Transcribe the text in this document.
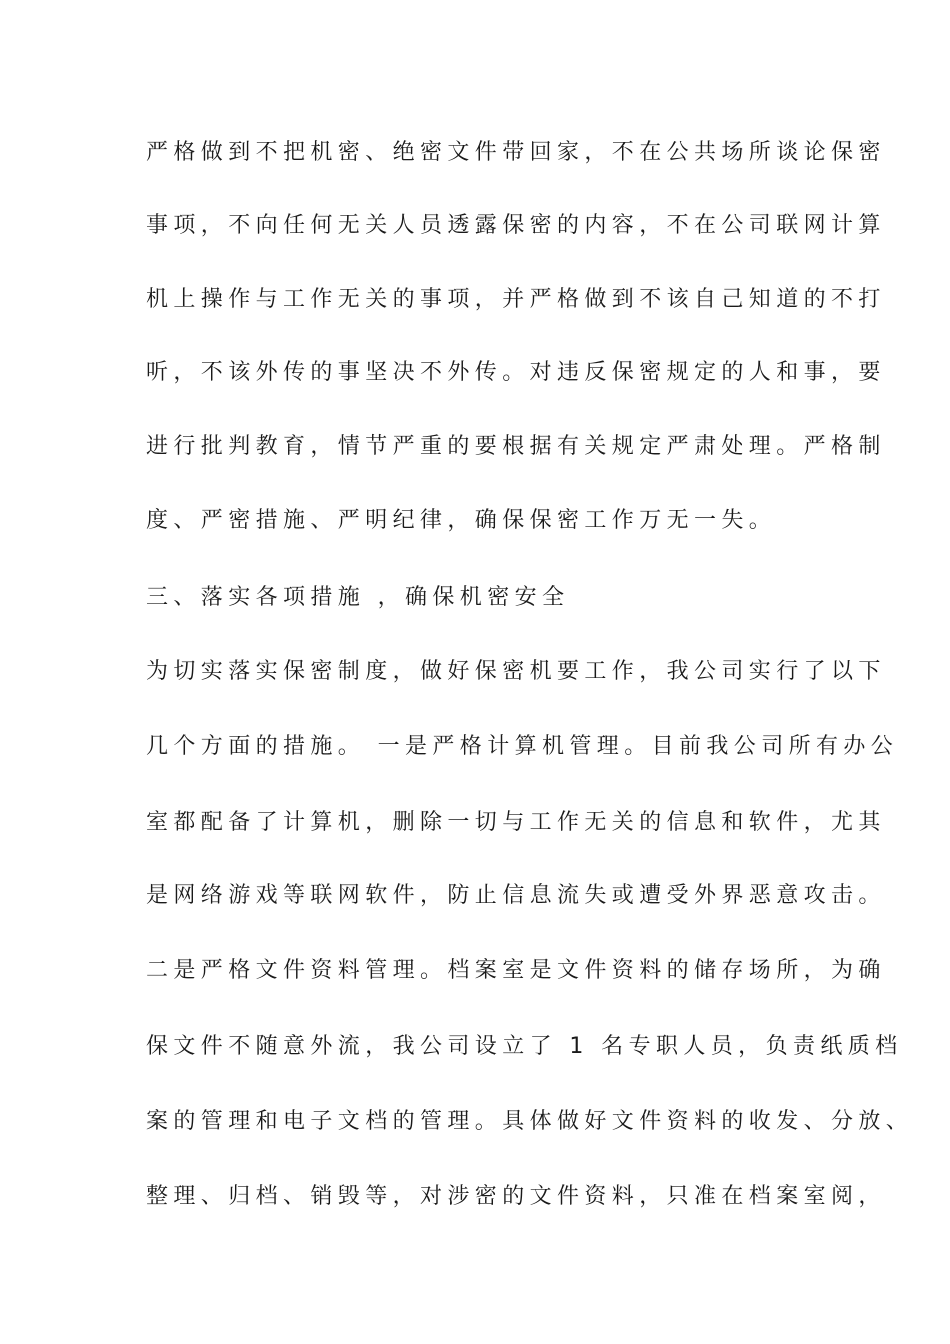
严格做到不把机密、绝密文件带回家，不在公共场所谈论保密
事项，不向任何无关人员透露保密的内容，不在公司联网计算
机上操作与工作无关的事项，并严格做到不该自己知道的不打
听，不该外传的事坚决不外传。对违反保密规定的人和事，要
进行批判教育，情节严重的要根据有关规定严肃处理。严格制
度、严密措施、严明纪律，确保保密工作万无一失。
三、落实各项措施 ，确保机密安全
为切实落实保密制度，做好保密机要工作，我公司实行了以下
几个方面的措施。 一是严格计算机管理。目前我公司所有办公
室都配备了计算机，删除一切与工作无关的信息和软件，尤其
是网络游戏等联网软件，防止信息流失或遭受外界恶意攻击。
二是严格文件资料管理。档案室是文件资料的储存场所，为确
保文件不随意外流，我公司设立了 1 名专职人员，负责纸质档
案的管理和电子文档的管理。具体做好文件资料的收发、分放、
整理、归档、销毁等，对涉密的文件资料，只准在档案室阅，
